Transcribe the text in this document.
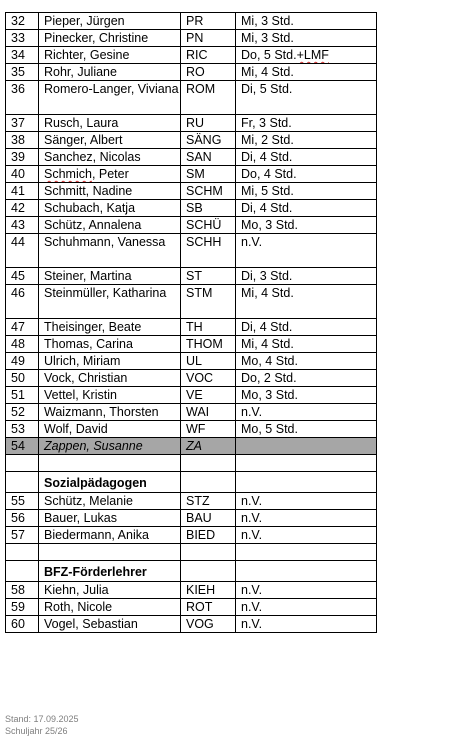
32	Pieper, Jürgen	PR	Mi, 3 Std.
33	Pinecker, Christine	PN	Mi, 3 Std.
34	Richter, Gesine	RIC	Do, 5 Std.+LMF
35	Rohr, Juliane	RO	Mi, 4 Std.
36	Romero-Langer, Viviana	ROM	Di, 5 Std.
37	Rusch, Laura	RU	Fr, 3 Std.
38	Sänger, Albert	SÄNG	Mi, 2 Std.
39	Sanchez, Nicolas	SAN	Di, 4 Std.
40	Schmich, Peter	SM	Do, 4 Std.
41	Schmitt, Nadine	SCHM	Mi, 5 Std.
42	Schubach, Katja	SB	Di, 4 Std.
43	Schütz, Annalena	SCHÜ	Mo, 3 Std.
44	Schuhmann, Vanessa	SCHH	n.V.
45	Steiner, Martina	ST	Di, 3 Std.
46	Steinmüller, Katharina	STM	Mi, 4 Std.
47	Theisinger, Beate	TH	Di, 4 Std.
48	Thomas, Carina	THOM	Mi, 4 Std.
49	Ulrich, Miriam	UL	Mo, 4 Std.
50	Vock, Christian	VOC	Do, 2 Std.
51	Vettel, Kristin	VE	Mo, 3 Std.
52	Waizmann, Thorsten	WAI	n.V.
53	Wolf, David	WF	Mo, 5 Std.
54	Zappen, Susanne	ZA	

	Sozialpädagogen		
55	Schütz, Melanie	STZ	n.V.
56	Bauer, Lukas	BAU	n.V.
57	Biedermann, Anika	BIED	n.V.

	BFZ-Förderlehrer		
58	Kiehn, Julia	KIEH	n.V.
59	Roth, Nicole	ROT	n.V.
60	Vogel, Sebastian	VOG	n.V.
Stand: 17.09.2025
Schuljahr 25/26
